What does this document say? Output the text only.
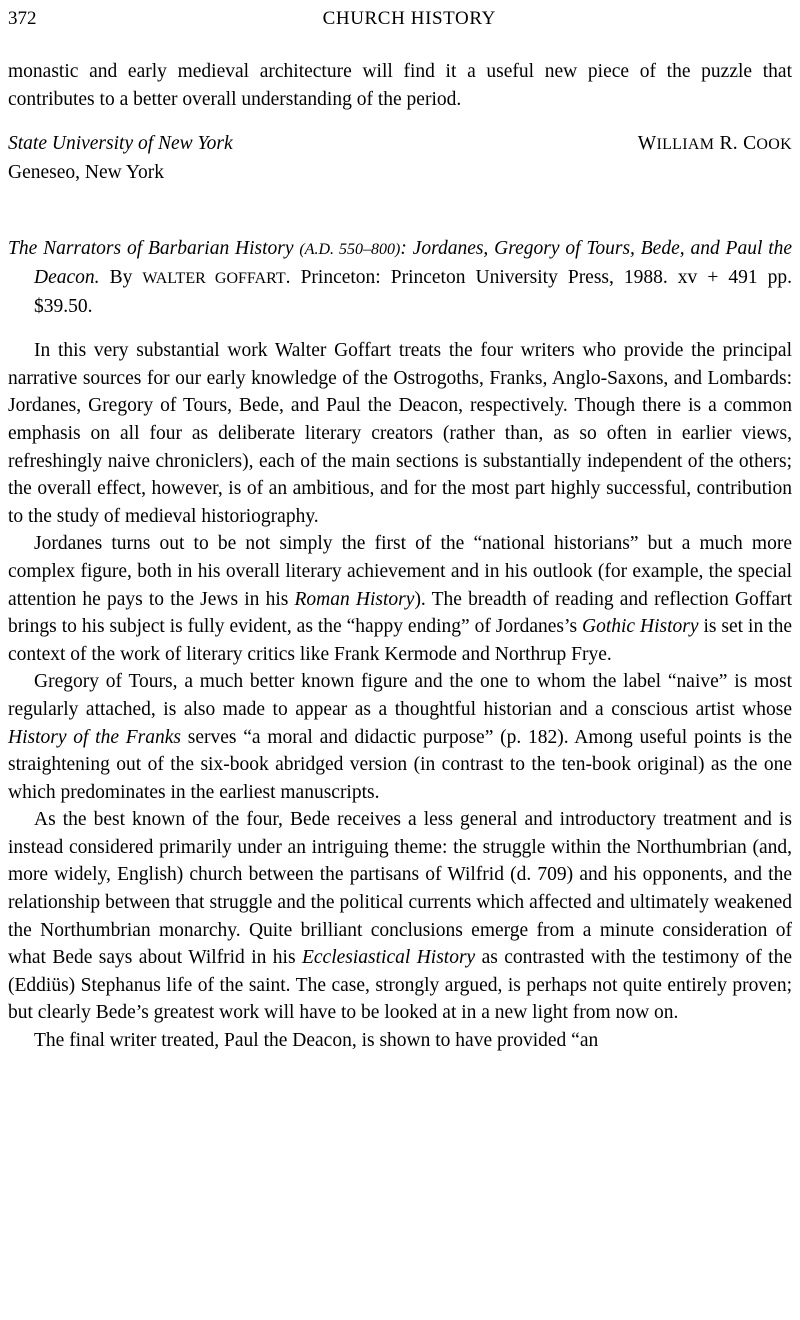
372	CHURCH HISTORY

monastic and early medieval architecture will find it a useful new piece of the puzzle that contributes to a better overall understanding of the period.

State University of New York
Geneseo, New York
WILLIAM R. COOK
The Narrators of Barbarian History (A.D. 550–800): Jordanes, Gregory of Tours, Bede, and Paul the Deacon. By WALTER GOFFART. Princeton: Princeton University Press, 1988. xv + 491 pp. $39.50.

In this very substantial work Walter Goffart treats the four writers who provide the principal narrative sources for our early knowledge of the Ostrogoths, Franks, Anglo-Saxons, and Lombards: Jordanes, Gregory of Tours, Bede, and Paul the Deacon, respectively. Though there is a common emphasis on all four as deliberate literary creators (rather than, as so often in earlier views, refreshingly naive chroniclers), each of the main sections is substantially independent of the others; the overall effect, however, is of an ambitious, and for the most part highly successful, contribution to the study of medieval historiography.

Jordanes turns out to be not simply the first of the “national historians” but a much more complex figure, both in his overall literary achievement and in his outlook (for example, the special attention he pays to the Jews in his Roman History). The breadth of reading and reflection Goffart brings to his subject is fully evident, as the “happy ending” of Jordanes’s Gothic History is set in the context of the work of literary critics like Frank Kermode and Northrup Frye.

Gregory of Tours, a much better known figure and the one to whom the label “naive” is most regularly attached, is also made to appear as a thoughtful historian and a conscious artist whose History of the Franks serves “a moral and didactic purpose” (p. 182). Among useful points is the straightening out of the six-book abridged version (in contrast to the ten-book original) as the one which predominates in the earliest manuscripts.

As the best known of the four, Bede receives a less general and introductory treatment and is instead considered primarily under an intriguing theme: the struggle within the Northumbrian (and, more widely, English) church between the partisans of Wilfrid (d. 709) and his opponents, and the relationship between that struggle and the political currents which affected and ultimately weakened the Northumbrian monarchy. Quite brilliant conclusions emerge from a minute consideration of what Bede says about Wilfrid in his Ecclesiastical History as contrasted with the testimony of the (Eddiüs) Stephanus life of the saint. The case, strongly argued, is perhaps not quite entirely proven; but clearly Bede’s greatest work will have to be looked at in a new light from now on.

The final writer treated, Paul the Deacon, is shown to have provided “an
